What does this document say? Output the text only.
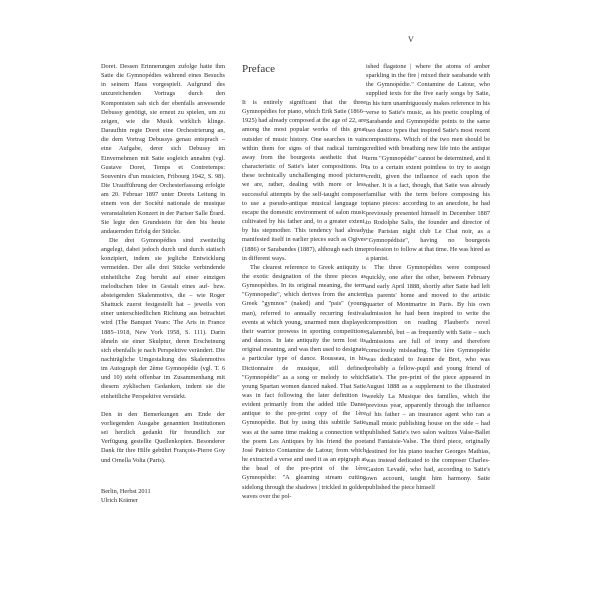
V

Doret. Dessen Erinnerungen zufolge hatte ihm Satie die Gymnopédies während eines Besuchs in seinem Haus vorgespielt. Aufgrund des unzureichenden Vortrags durch den Komponisten sah sich der ebenfalls anwesende Debussy genötigt, sie erneut zu spielen, um zu zeigen, wie die Musik wirklich klinge. Daraufhin regte Doret eine Orchestrierung an, die dem Vortrag Debussys genau entsprach – eine Aufgabe, derer sich Debussy im Einvernehmen mit Satie sogleich annahm (vgl. Gustave Doret, Temps et Contretemps: Souvenirs d'un musicien, Fribourg 1942, S. 98). Die Uraufführung der Orchesterfassung erfolgte am 20. Februar 1897 unter Dorets Leitung in einem von der Société nationale de musique veranstalteten Konzert in der Pariser Salle Érard. Sie legte den Grundstein für den bis heute andauernden Erfolg der Stücke.

Die drei Gymnopédies sind zweiteilig angelegt, dabei jedoch durch und durch statisch konzipiert, indem sie jegliche Entwicklung vermeiden. Der alle drei Stücke verbindende einheitliche Zug beruht auf einer einzigen melodischen Idee in Gestalt eines auf- bzw. absteigenden Skalenmotivs, die – wie Roger Shattuck zuerst festgestellt hat – jeweils von einer unterschiedlichen Richtung aus betrachtet wird (The Banquet Years: The Arts in France 1885–1918, New York 1958, S. 111). Darin ähneln sie einer Skulptur, deren Erscheinung sich ebenfalls je nach Perspektive verändert. Die nachträgliche Umgestaltung des Skalenmotivs im Autograph der 2ème Gymnopédie (vgl. T. 6 und 10) steht offenbar im Zusammenhang mit diesem zyklischen Gedanken, indem sie die einheitliche Perspektive verstärkt.

Den in den Bemerkungen am Ende der vorliegenden Ausgabe genannten Institutionen sei herzlich gedankt für freundlich zur Verfügung gestellte Quellenkopien. Besonderer Dank für ihre Hilfe gebührt François-Pierre Goy und Ornella Volta (Paris).

Berlin, Herbst 2011
Ulrich Krämer
Preface

It is entirely significant that the three Gymnopédies for piano, which Erik Satie (1866–1925) had already composed at the age of 22, are among the most popular works of this great outsider of music history. One searches in vain within them for signs of that radical turning away from the bourgeois aesthetic that is characteristic of Satie's later compositions. In these technically unchallenging mood pictures we are, rather, dealing with more or less successful attempts by the self-taught composer to use a pseudo-antique musical language to escape the domestic environment of salon music cultivated by his father and, to a greater extent, by his stepmother. This tendency had already manifested itself in earlier pieces such as Ogives (1886) or Sarabandes (1887), although each time in different ways.

The clearest reference to Greek antiquity is the exotic designation of the three pieces as Gymnopédies. In its original meaning, the term "Gymnopedie", which derives from the ancient Greek "gymnos" (naked) and "pais" (young man), referred to annually recurring festival events at which young, unarmed men displayed their warrior prowess in sporting competitions and dances. In late antiquity the term lost its original meaning, and was then used to designate a particular type of dance. Rousseau, in his Dictionnaire de musique, still defined "Gymnopédie" as a song or melody to which young Spartan women danced naked. That Satie was in fact following the later definition is evident primarily from the added title Danse antique to the pre-print copy of the 1ère Gymnopédie. But by using this subtitle Satie was at the same time making a connection with the poem Les Antiques by his friend the poet José Patricio Contamine de Latour, from which he extracted a verse and used it as an epigraph at the head of the pre-print of the 1ère Gymnopédie: "A gleaming stream cutting sidelong through the shadows | trickled in golden waves over the pol-

ished flagstone | where the atoms of amber sparkling in the fire | mixed their sarabande with the Gymnopédie." Contamine de Latour, who supplied texts for the five early songs by Satie, in his turn unambiguously makes reference in his verse to Satie's music, as his poetic coupling of Sarabande and Gymnopédie points to the same two dance types that inspired Satie's most recent compositions. Which of the two men should be credited with breathing new life into the antique term "Gymnopédie" cannot be determined, and it is to a certain extent pointless to try to assign credit, given the influence of each upon the other. It is a fact, though, that Satie was already familiar with the term before composing his piano pieces: according to an anecdote, he had previously presented himself in December 1887 to Rodolphe Salis, the founder and director of the Parisian night club Le Chat noir, as a "Gymnopédiste", having no bourgeois profession to follow at that time. He was hired as a pianist.

The three Gymnopédies were composed quickly, one after the other, between February and early April 1888, shortly after Satie had left his parents' home and moved to the artistic quarter of Montmartre in Paris. By his own admission he had been inspired to write the composition on reading Flaubert's novel Salammbô, but – as frequently with Satie – such admissions are full of irony and therefore consciously misleading. The 1ère Gymnopédie was dedicated to Jeanne de Bret, who was probably a fellow-pupil and young friend of Satie's. The pre-print of the piece appeared in August 1888 as a supplement to the illustrated weekly La Musique des familles, which the previous year, apparently through the influence of his father – an insurance agent who ran a small music publishing house on the side – had published Satie's two salon waltzes Valse-Ballet and Fantaisie-Valse. The third piece, originally destined for his piano teacher Georges Mathias, was instead dedicated to the composer Charles-Gaston Levadé, who had, according to Satie's own account, taught him harmony. Satie published the piece himself
